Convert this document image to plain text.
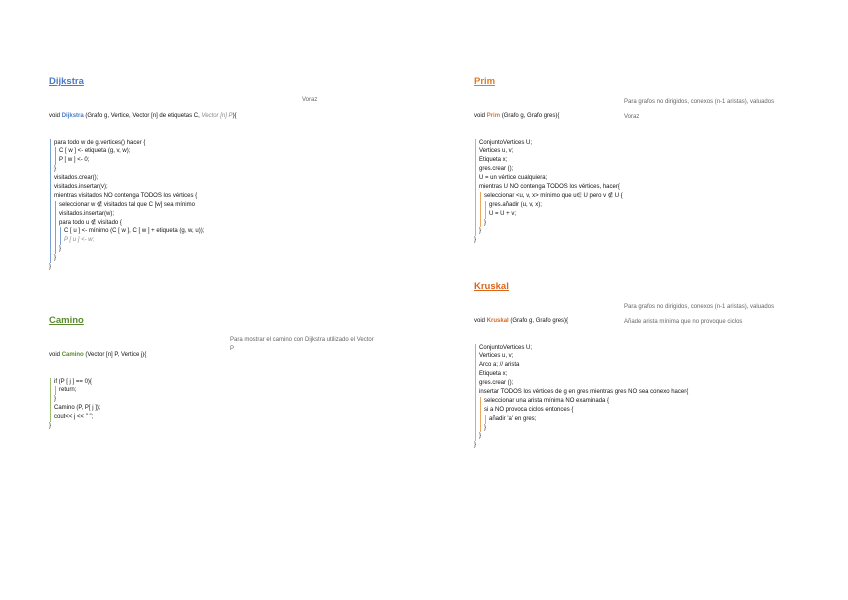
Dijkstra

void Dijkstra (Grafo g, Vertice, Vector [n] de etiquetas C, Vector [n] P){

para todo w de g.vertices() hacer {
C [ w ] <- etiqueta (g, v, w);
P [ w ] <- 0;
}
visitados.crear();
visitados.insertar(v);
mientras visitados NO contenga TODOS los vértices {
seleccionar w ∉ visitados tal que C [w] sea mínimo
visitados.insertar(w);
para todo u ∉ visitado {
C [ u ] <- mínimo (C [ w ], C [ w ] + etiqueta (g, w, u));
P [ u ] <- w;
}
}
}

Voraz
Camino

void Camino (Vector [n] P, Vertice j){

if (P [ j ] == 0){
return;
}
Camino (P, P[ j ]);
cout<< j << " ";
}

Para mostrar el camino con Dijkstra utilizado el Vector P
Prim

void Prim (Grafo g, Grafo gres){

ConjuntoVertices U;
Vertices u, v;
Etiqueta x;
gres.crear ();
U = un vértice cualquiera;
mientras U NO contenga TODOS los vértices, hacer{
seleccionar <u, v, x> mínimo que u∈ U pero v ∉ U {
gres.añadir (u, v, x);
U = U + v;
}
}
}

Para grafos no dirigidos, conexos (n-1 aristas), valuados
Voraz
Kruskal

void Kruskal (Grafo g, Grafo gres){

ConjuntoVertices U;
Vertices u, v;
Arco a; // arista
Etiqueta x;
gres.crear ();
insertar TODOS los vértices de g en gres mientras gres NO sea conexo hacer{
seleccionar una arista mínima NO examinada {
si a NO provoca ciclos entonces {
añadir 'a' en gres;
}
}
}

Para grafos no dirigidos, conexos (n-1 aristas), valuados
Añade arista mínima que no provoque ciclos
